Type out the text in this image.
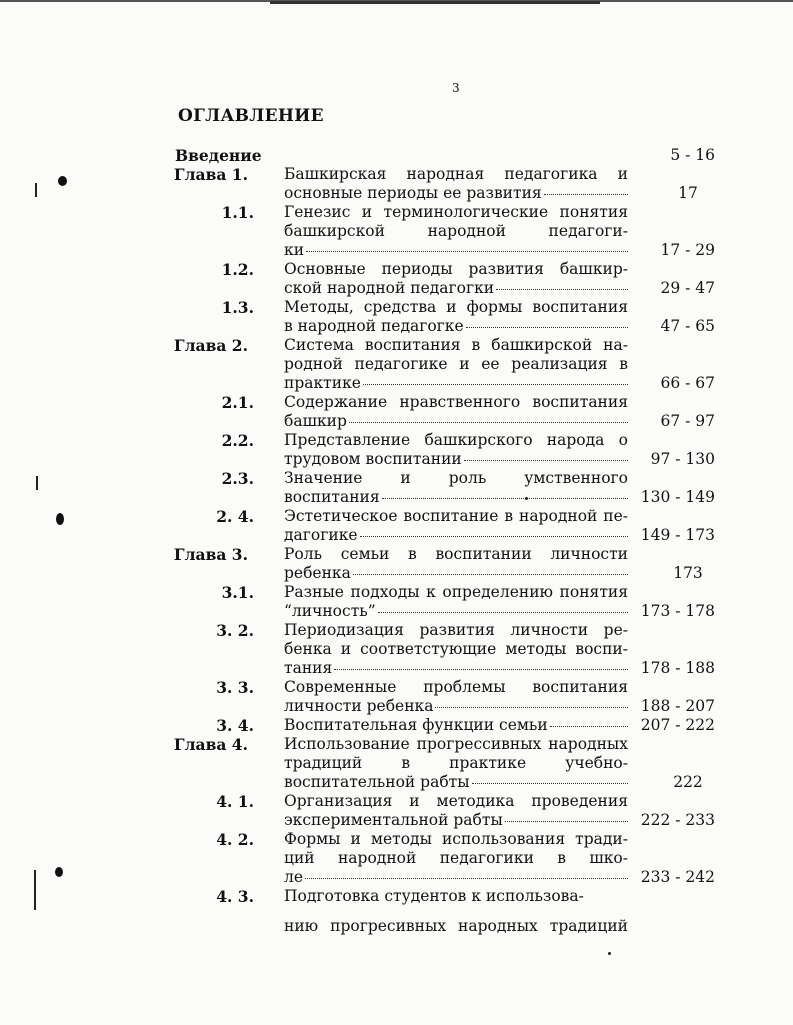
3
ОГЛАВЛЕНИЕ
Введение	5 - 16
Глава 1. Башкирская народная педагогика и
основные периоды ее развития	17
1.1. Генезис и терминологические понятия
башкирской народной педагоги-
ки	17 - 29
1.2. Основные периоды развития башкир-
ской народной педагогки	29 - 47
1.3. Методы, средства и формы воспитания
в народной педагогке	47 - 65
Глава 2. Система воспитания в башкирской на-
родной педагогике и ее реализация в
практике	66 - 67
2.1. Содержание нравственного воспитания
башкир	67 - 97
2.2. Представление башкирского народа о
трудовом воспитании	97 - 130
2.3. Значение и роль умственного
воспитания	130 - 149
2. 4. Эстетическое воспитание в народной пе-
дагогике	149 - 173
Глава 3. Роль семьи в воспитании личности
ребенка	173
3.1. Разные подходы к определению понятия
“личность”	173 - 178
3. 2. Периодизация развития личности ре-
бенка и соответстующие методы воспи-
тания	178 - 188
3. 3. Современные проблемы воспитания
личности ребенка	188 - 207
3. 4. Воспитательная функции семьи	207 - 222
Глава 4. Использование прогрессивных народных
традиций в практике учебно-
воспитательной рабты	222
4. 1. Организация и методика проведения
экспериментальной рабты	222 - 233
4. 2. Формы и методы использования тради-
ций народной педагогики в шко-
ле	233 - 242
4. 3. Подготовка студентов к использова-
нию прогресивных народных традиций
